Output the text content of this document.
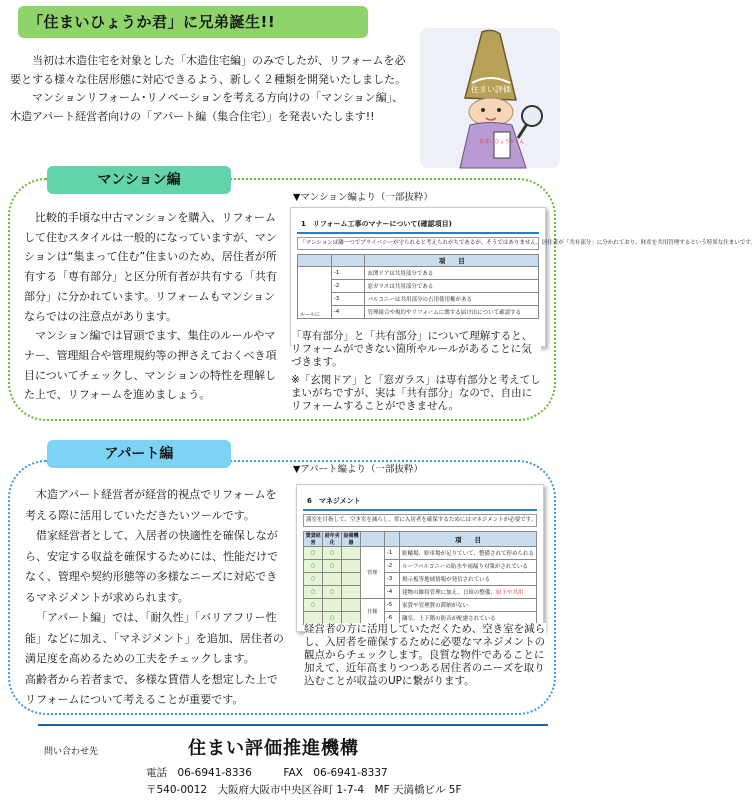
「住まいひょうか君」に兄弟誕生!!

当初は木造住宅を対象とした「木造住宅編」のみでしたが、リフォームを必要とする様々な住居形態に対応できるよう、新しく２種類を開発いたしました。

マンションリフォーム･リノベーションを考える方向けの「マンション編」、木造アパート経営者向けの「アパート編（集合住宅）」を発表いたします!!

住まい評価
住まいひょうかくん
マンション編

比較的手頃な中古マンションを購入、リフォームして住むスタイルは一般的になっていますが、マンションは“集まって住む”住まいのため、居住者が所有する「専有部分」と区分所有者が共有する「共有部分」に分かれています。リフォームもマンションならではの注意点があります。

マンション編では冒頭でます、集住のルールやマナー、管理組合や管理規約等の押さえておくべき項目についてチェックし、マンションの特性を理解した上で、リフォームを進めましょう。

▼マンション編より（一部抜粋）
1　リフォーム工事のマナーについて(確認項目)
「マンションは隣一つでプライバシーが守られると考えられがちであるが、そうではありません。居住者が「共有部分」に分かれており、財産を共用管理するという特異な住まいです。
		項　　目
ルールに	-1	玄関ドアは共用部分である
	-2	窓ガラスは共用部分である
	-3	バルコニーは共用部分の占用使用権がある
	-4	管理組合や規約やリフォームに関する届け出について確認する
「専有部分」と「共有部分」について理解すると、リフォームができない箇所やルールがあることに気づきます。
※「玄関ドア」と「窓ガラス」は専有部分と考えてしまいがちですが、実は「共有部分」なので、自由にリフォームすることができません。
アパート編

木造アパート経営者が経営的視点でリフォームを考える際に活用していただきたいツールです。

借家経営者として、入居者の快適性を確保しながら、安定する収益を確保するためには、性能だけでなく、管理や契約形態等の多様なニーズに対応できるマネジメントが求められます。

「アパート編」では、「耐久性」「バリアフリー性能」などに加え、「マネジメント」を追加、居住者の満足度を高めるための工夫をチェックします。

高齢者から若者まで、多様な賃借人を想定した上でリフォームについて考えることが重要です。

▼アパート編より（一部抜粋）
6　マネジメント
満室を目指して、空き室を減らし、常に入居者を確保するためにはマネジメントが必要です。
賃貸経営	経年劣化	設備機器			項　　目
○	○		管理	-1	駐輪場、駐車場が足りていて、整備されて停められる
○	○			-2	ルーフバルコニーの防水や雨漏り対策がされている
○				-3	掲示板等地域情報が発信されている
○	○			-4	建物の維持管理に加え、日頃の整備、厨下や共用
○			仕様	-5	家賃や管理費の滞納がない
	○			-6	隣室、上下階の防音が配慮されている
経営者の方に活用していただくため、空き室を減らし、入居者を確保するために必要なマネジメントの観点からチェックします。良質な物件であることに加えて、近年高まりつつある居住者のニーズを取り込むことが収益のUPに繋がります。
問い合わせ先	住まい評価推進機構
電話　06-6941-8336　　　FAX　06-6941-8337
〒540-0012　大阪府大阪市中央区谷町 1-7-4　MF 天満橋ビル 5F
